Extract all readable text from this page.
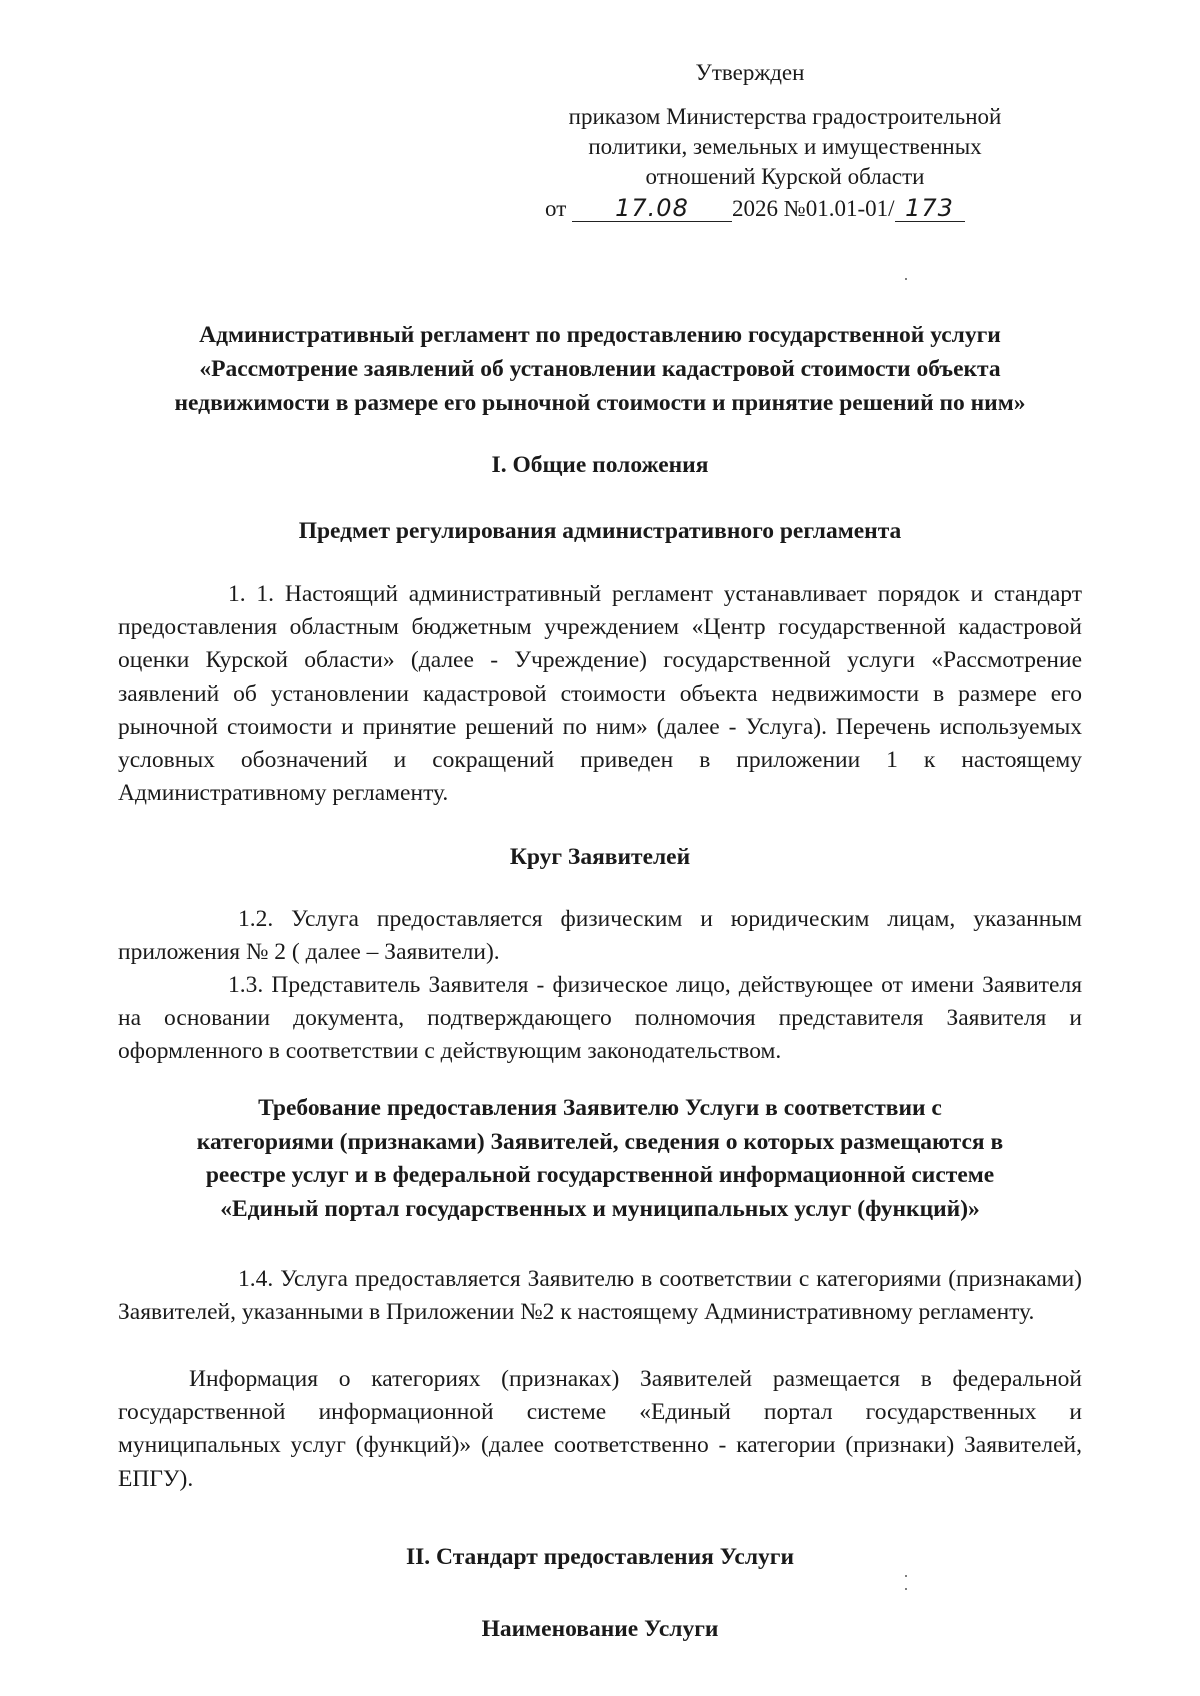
Утвержден
приказом Министерства градостроительной
политики, земельных и имущественных
отношений Курской области
от 17.08 2026 №01.01-01/ 173
Административный регламент по предоставлению государственной услуги
«Рассмотрение заявлений об установлении кадастровой стоимости объекта
недвижимости в размере его рыночной стоимости и принятие решений по ним»
I. Общие положения
Предмет регулирования административного регламента

1. 1. Настоящий административный регламент устанавливает порядок и стандарт предоставления областным бюджетным учреждением «Центр государственной кадастровой оценки Курской области» (далее - Учреждение) государственной услуги «Рассмотрение заявлений об установлении кадастровой стоимости объекта недвижимости в размере его рыночной стоимости и принятие решений по ним» (далее - Услуга). Перечень используемых условных обозначений и сокращений приведен в приложении 1 к настоящему Административному регламенту.

Круг Заявителей

1.2. Услуга предоставляется физическим и юридическим лицам, указанным приложения № 2 ( далее – Заявители).

1.3. Представитель Заявителя - физическое лицо, действующее от имени Заявителя на основании документа, подтверждающего полномочия представителя Заявителя и оформленного в соответствии с действующим законодательством.

Требование предоставления Заявителю Услуги в соответствии с
категориями (признаками) Заявителей, сведения о которых размещаются в
реестре услуг и в федеральной государственной информационной системе
«Единый портал государственных и муниципальных услуг (функций)»

1.4. Услуга предоставляется Заявителю в соответствии с категориями (признаками) Заявителей, указанными в Приложении №2 к настоящему Административному регламенту.

Информация о категориях (признаках) Заявителей размещается в федеральной государственной информационной системе «Единый портал государственных и муниципальных услуг (функций)» (далее соответственно - категории (признаки) Заявителей, ЕПГУ).

II. Стандарт предоставления Услуги
Наименование Услуги
